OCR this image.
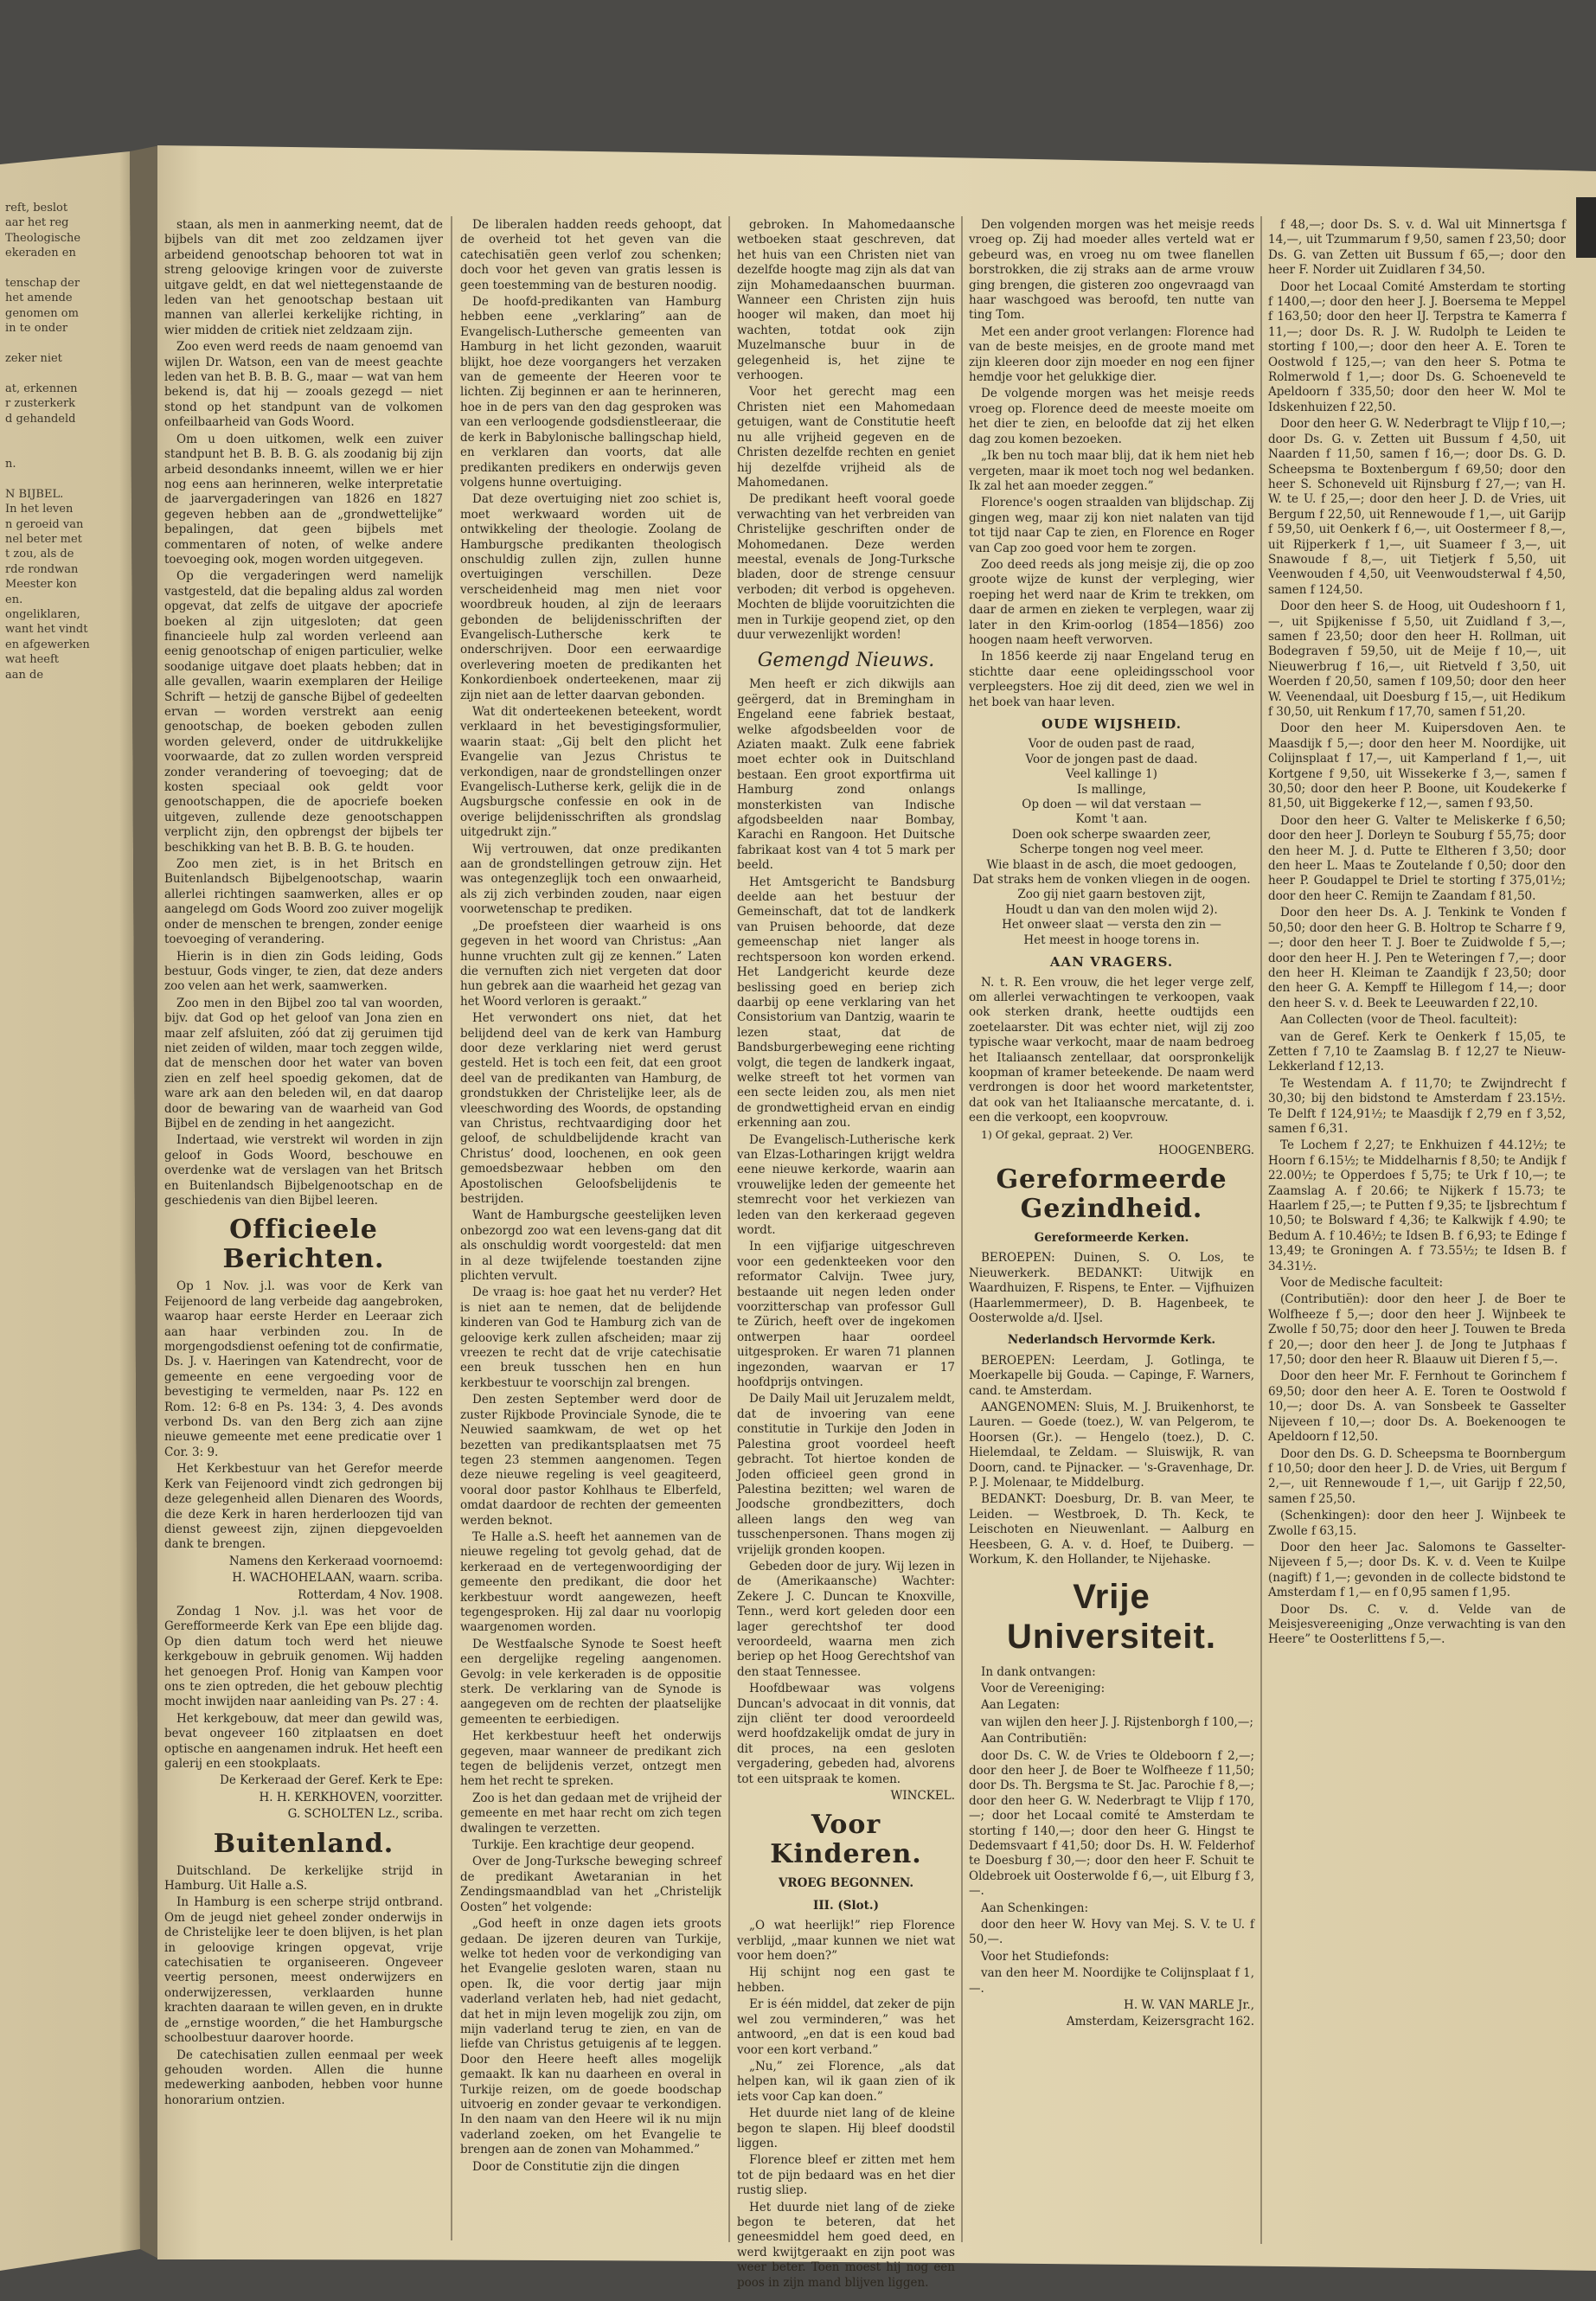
reft, beslot
aar het reg
Theologische
ekeraden en

tenschap der
het amende
genomen om
in te onder

zeker niet

at, erkennen
r zusterkerk
d gehandeld

n.

N BIJBEL.
In het leven
n geroeid van
nel beter met
t zou, als de
rde rondwan
Meester kon
en.
ongeliklaren,
want het vindt
en afgewerken
wat heeft
aan de

staan, als men in aanmerking neemt, dat de bijbels van dit met zoo zeldzamen ijver arbeidend genootschap behooren tot wat in streng geloovige kringen voor de zuiverste uitgave geldt, en dat wel niettegenstaande de leden van het genootschap bestaan uit mannen van allerlei kerkelijke richting, in wier midden de critiek niet zeldzaam zijn.

Zoo even werd reeds de naam genoemd van wijlen Dr. Watson, een van de meest geachte leden van het B. B. B. G., maar — wat van hem bekend is, dat hij — zooals gezegd — niet stond op het standpunt van de volkomen onfeilbaarheid van Gods Woord.

Om u doen uitkomen, welk een zuiver standpunt het B. B. B. G. als zoodanig bij zijn arbeid desondanks inneemt, willen we er hier nog eens aan herinneren, welke interpretatie de jaarvergaderingen van 1826 en 1827 gegeven hebben aan de „grondwettelijke” bepalingen, dat geen bijbels met commentaren of noten, of welke andere toevoeging ook, mogen worden uitgegeven.

Op die vergaderingen werd namelijk vastgesteld, dat die bepaling aldus zal worden opgevat, dat zelfs de uitgave der apocriefe boeken al zijn uitgesloten; dat geen financieele hulp zal worden verleend aan eenig genootschap of enigen particulier, welke soodanige uitgave doet plaats hebben; dat in alle gevallen, waarin exemplaren der Heilige Schrift — hetzij de gansche Bijbel of gedeelten ervan — worden verstrekt aan eenig genootschap, de boeken geboden zullen worden geleverd, onder de uitdrukkelijke voorwaarde, dat zo zullen worden verspreid zonder verandering of toevoeging; dat de kosten speciaal ook geldt voor genootschappen, die de apocriefe boeken uitgeven, zullende deze genootschappen verplicht zijn, den opbrengst der bijbels ter beschikking van het B. B. B. G. te houden.

Zoo men ziet, is in het Britsch en Buitenlandsch Bijbelgenootschap, waarin allerlei richtingen saamwerken, alles er op aangelegd om Gods Woord zoo zuiver mogelijk onder de menschen te brengen, zonder eenige toevoeging of verandering.

Hierin is in dien zin Gods leiding, Gods bestuur, Gods vinger, te zien, dat deze anders zoo velen aan het werk, saamwerken.

Zoo men in den Bijbel zoo tal van woorden, bijv. dat God op het geloof van Jona zien en maar zelf afsluiten, zóó dat zij geruimen tijd niet zeiden of wilden, maar toch zeggen wilde, dat de menschen door het water van boven zien en zelf heel spoedig gekomen, dat de ware ark aan den beleden wil, en dat daarop door de bewaring van de waarheid van God Bijbel en de zending in het aangezicht.

Indertaad, wie verstrekt wil worden in zijn geloof in Gods Woord, beschouwe en overdenke wat de verslagen van het Britsch en Buitenlandsch Bijbelgenootschap en de geschiedenis van dien Bijbel leeren.

Officieele Berichten.

Op 1 Nov. j.l. was voor de Kerk van Feijenoord de lang verbeide dag aangebroken, waarop haar eerste Herder en Leeraar zich aan haar verbinden zou. In de morgengodsdienst oefening tot de confirmatie, Ds. J. v. Haeringen van Katendrecht, voor de gemeente en eene vergoeding voor de bevestiging te vermelden, naar Ps. 122 en Rom. 12: 6-8 en Ps. 134: 3, 4. Des avonds verbond Ds. van den Berg zich aan zijne nieuwe gemeente met eene predicatie over 1 Cor. 3: 9.

Het Kerkbestuur van het Gerefor meerde Kerk van Feijenoord vindt zich gedrongen bij deze gelegenheid allen Dienaren des Woords, die deze Kerk in haren herderloozen tijd van dienst geweest zijn, zijnen diepgevoelden dank te brengen.

Namens den Kerkeraad voornoemd:

H. WACHOHELAAN, waarn. scriba.

Rotterdam, 4 Nov. 1908.

Zondag 1 Nov. j.l. was het voor de Gerefformeerde Kerk van Epe een blijde dag. Op dien datum toch werd het nieuwe kerkgebouw in gebruik genomen. Wij hadden het genoegen Prof. Honig van Kampen voor ons te zien optreden, die het gebouw plechtig mocht inwijden naar aanleiding van Ps. 27 : 4.

Het kerkgebouw, dat meer dan gewild was, bevat ongeveer 160 zitplaatsen en doet optische en aangenamen indruk. Het heeft een galerij en een stookplaats.

De Kerkeraad der Geref. Kerk te Epe:

H. H. KERKHOVEN, voorzitter.

G. SCHOLTEN Lz., scriba.

Buitenland.

Duitschland. De kerkelijke strijd in Hamburg. Uit Halle a.S.

In Hamburg is een scherpe strijd ontbrand. Om de jeugd niet geheel zonder onderwijs in de Christelijke leer te doen blijven, is het plan in geloovige kringen opgevat, vrije catechisatien te organiseeren. Ongeveer veertig personen, meest onderwijzers en onderwijzeressen, verklaarden hunne krachten daaraan te willen geven, en in drukte de „ernstige woorden,” die het Hamburgsche schoolbestuur daarover hoorde.

De catechisatien zullen eenmaal per week gehouden worden. Allen die hunne medewerking aanboden, hebben voor hunne honorarium ontzien.

De liberalen hadden reeds gehoopt, dat de overheid tot het geven van die catechisatiën geen verlof zou schenken; doch voor het geven van gratis lessen is geen toestemming van de besturen noodig.

De hoofd-predikanten van Hamburg hebben eene „verklaring” aan de Evangelisch-Luthersche gemeenten van Hamburg in het licht gezonden, waaruit blijkt, hoe deze voorgangers het verzaken van de gemeente der Heeren voor te lichten. Zij beginnen er aan te herinneren, hoe in de pers van den dag gesproken was van een verloogende godsdienstleeraar, die de kerk in Babylonische ballingschap hield, en verklaren dan voorts, dat alle predikanten predikers en onderwijs geven volgens hunne overtuiging.

Dat deze overtuiging niet zoo schiet is, moet werkwaard worden uit de ontwikkeling der theologie. Zoolang de Hamburgsche predikanten theologisch onschuldig zullen zijn, zullen hunne overtuigingen verschillen. Deze verscheidenheid mag men niet voor woordbreuk houden, al zijn de leeraars gebonden de belijdenisschriften der Evangelisch-Luthersche kerk te onderschrijven. Door een eerwaardige overlevering moeten de predikanten het Konkordienboek onderteekenen, maar zij zijn niet aan de letter daarvan gebonden.

Wat dit onderteekenen beteekent, wordt verklaard in het bevestigingsformulier, waarin staat: „Gij belt den plicht het Evangelie van Jezus Christus te verkondigen, naar de grondstellingen onzer Evangelisch-Lutherse kerk, gelijk die in de Augsburgsche confessie en ook in de overige belijdenisschriften als grondslag uitgedrukt zijn.”

Wij vertrouwen, dat onze predikanten aan de grondstellingen getrouw zijn. Het was ontegenzeglijk toch een onwaarheid, als zij zich verbinden zouden, naar eigen voorwetenschap te prediken.

„De proefsteen dier waarheid is ons gegeven in het woord van Christus: „Aan hunne vruchten zult gij ze kennen.” Laten die vernuften zich niet vergeten dat door hun gebrek aan die waarheid het gezag van het Woord verloren is geraakt.”

Het verwondert ons niet, dat het belijdend deel van de kerk van Hamburg door deze verklaring niet werd gerust gesteld. Het is toch een feit, dat een groot deel van de predikanten van Hamburg, de grondstukken der Christelijke leer, als de vleeschwording des Woords, de opstanding van Christus, rechtvaardiging door het geloof, de schuldbelijdende kracht van Christus’ dood, loochenen, en ook geen gemoedsbezwaar hebben om den Apostolischen Geloofsbelijdenis te bestrijden.

Want de Hamburgsche geestelijken leven onbezorgd zoo wat een levens-gang dat dit als onschuldig wordt voorgesteld: dat men in al deze twijfelende toestanden zijne plichten vervult.

De vraag is: hoe gaat het nu verder? Het is niet aan te nemen, dat de belijdende kinderen van God te Hamburg zich van de geloovige kerk zullen afscheiden; maar zij vreezen te recht dat de vrije catechisatie een breuk tusschen hen en hun kerkbestuur te voorschijn zal brengen.

Den zesten September werd door de zuster Rijkbode Provinciale Synode, die te Neuwied saamkwam, de wet op het bezetten van predikantsplaatsen met 75 tegen 23 stemmen aangenomen. Tegen deze nieuwe regeling is veel geagiteerd, vooral door pastor Kohlhaus te Elberfeld, omdat daardoor de rechten der gemeenten werden beknot.

Te Halle a.S. heeft het aannemen van de nieuwe regeling tot gevolg gehad, dat de kerkeraad en de vertegenwoordiging der gemeente den predikant, die door het kerkbestuur wordt aangewezen, heeft tegengesproken. Hij zal daar nu voorlopig waargenomen worden.

De Westfaalsche Synode te Soest heeft een dergelijke regeling aangenomen. Gevolg: in vele kerkeraden is de oppositie sterk. De verklaring van de Synode is aangegeven om de rechten der plaatselijke gemeenten te eerbiedigen.

Het kerkbestuur heeft het onderwijs gegeven, maar wanneer de predikant zich tegen de belijdenis verzet, ontzegt men hem het recht te spreken.

Zoo is het dan gedaan met de vrijheid der gemeente en met haar recht om zich tegen dwalingen te verzetten.

Turkije. Een krachtige deur geopend.

Over de Jong-Turksche beweging schreef de predikant Awetaranian in het Zendingsmaandblad van het „Christelijk Oosten” het volgende:

„God heeft in onze dagen iets groots gedaan. De ijzeren deuren van Turkije, welke tot heden voor de verkondiging van het Evangelie gesloten waren, staan nu open. Ik, die voor dertig jaar mijn vaderland verlaten heb, had niet gedacht, dat het in mijn leven mogelijk zou zijn, om mijn vaderland terug te zien, en van de liefde van Christus getuigenis af te leggen. Door den Heere heeft alles mogelijk gemaakt. Ik kan nu daarheen en overal in Turkije reizen, om de goede boodschap uitvoerig en zonder gevaar te verkondigen. In den naam van den Heere wil ik nu mijn vaderland zoeken, om het Evangelie te brengen aan de zonen van Mohammed.”

Door de Constitutie zijn die dingen

gebroken. In Mahomedaansche wetboeken staat geschreven, dat het huis van een Christen niet van dezelfde hoogte mag zijn als dat van zijn Mohamedaanschen buurman. Wanneer een Christen zijn huis hooger wil maken, dan moet hij wachten, totdat ook zijn Muzelmansche buur in de gelegenheid is, het zijne te verhoogen.

Voor het gerecht mag een Christen niet een Mahomedaan getuigen, want de Constitutie heeft nu alle vrijheid gegeven en de Christen dezelfde rechten en geniet hij dezelfde vrijheid als de Mahomedanen.

De predikant heeft vooral goede verwachting van het verbreiden van Christelijke geschriften onder de Mohomedanen. Deze werden meestal, evenals de Jong-Turksche bladen, door de strenge censuur verboden; dit verbod is opgeheven. Mochten de blijde vooruitzichten die men in Turkije geopend ziet, op den duur verwezenlijkt worden!

Gemengd Nieuws.

Men heeft er zich dikwijls aan geërgerd, dat in Bremingham in Engeland eene fabriek bestaat, welke afgodsbeelden voor de Aziaten maakt. Zulk eene fabriek moet echter ook in Duitschland bestaan. Een groot exportfirma uit Hamburg zond onlangs monsterkisten van Indische afgodsbeelden naar Bombay, Karachi en Rangoon. Het Duitsche fabrikaat kost van 4 tot 5 mark per beeld.

Het Amtsgericht te Bandsburg deelde aan het bestuur der Gemeinschaft, dat tot de landkerk van Pruisen behoorde, dat deze gemeenschap niet langer als rechtspersoon kon worden erkend. Het Landgericht keurde deze beslissing goed en beriep zich daarbij op eene verklaring van het Consistorium van Dantzig, waarin te lezen staat, dat de Bandsburgerbeweging eene richting volgt, die tegen de landkerk ingaat, welke streeft tot het vormen van een secte leiden zou, als men niet de grondwettigheid ervan en eindig erkenning aan zou.

De Evangelisch-Lutherische kerk van Elzas-Lotharingen krijgt weldra eene nieuwe kerkorde, waarin aan vrouwelijke leden der gemeente het stemrecht voor het verkiezen van leden van den kerkeraad gegeven wordt.

In een vijfjarige uitgeschreven voor een gedenkteeken voor den reformator Calvijn. Twee jury, bestaande uit negen leden onder voorzitterschap van professor Gull te Zürich, heeft over de ingekomen ontwerpen haar oordeel uitgesproken. Er waren 71 plannen ingezonden, waarvan er 17 hoofdprijs ontvingen.

De Daily Mail uit Jeruzalem meldt, dat de invoering van eene constitutie in Turkije den Joden in Palestina groot voordeel heeft gebracht. Tot hiertoe konden de Joden officieel geen grond in Palestina bezitten; wel waren de Joodsche grondbezitters, doch alleen langs den weg van tusschenpersonen. Thans mogen zij vrijelijk gronden koopen.

Gebeden door de jury. Wij lezen in de (Amerikaansche) Wachter: Zekere J. C. Duncan te Knoxville, Tenn., werd kort geleden door een lager gerechtshof ter dood veroordeeld, waarna men zich beriep op het Hoog Gerechtshof van den staat Tennessee.

Hoofdbewaar was volgens Duncan's advocaat in dit vonnis, dat zijn cliënt ter dood veroordeeld werd hoofdzakelijk omdat de jury in dit proces, na een gesloten vergadering, gebeden had, alvorens tot een uitspraak te komen.

WINCKEL.

Voor Kinderen.

VROEG BEGONNEN.

III. (Slot.)

„O wat heerlijk!” riep Florence verblijd, „maar kunnen we niet wat voor hem doen?”

Hij schijnt nog een gast te hebben.

Er is één middel, dat zeker de pijn wel zou verminderen,” was het antwoord, „en dat is een koud bad voor een kort verband.”

„Nu,” zei Florence, „als dat helpen kan, wil ik gaan zien of ik iets voor Cap kan doen.”

Het duurde niet lang of de kleine begon te slapen. Hij bleef doodstil liggen.

Florence bleef er zitten met hem tot de pijn bedaard was en het dier rustig sliep.

Het duurde niet lang of de zieke begon te beteren, dat het geneesmiddel hem goed deed, en werd kwijtgeraakt en zijn poot was weer beter. Toen moest hij nog een poos in zijn mand blijven liggen.

Den volgenden morgen was het meisje reeds vroeg op. Zij had moeder alles verteld wat er gebeurd was, en vroeg nu om twee flanellen borstrokken, die zij straks aan de arme vrouw ging brengen, die gisteren zoo ongevraagd van haar waschgoed was beroofd, ten nutte van ting Tom.

Met een ander groot verlangen: Florence had van de beste meisjes, en de groote mand met zijn kleeren door zijn moeder en nog een fijner hemdje voor het gelukkige dier.

De volgende morgen was het meisje reeds vroeg op. Florence deed de meeste moeite om het dier te zien, en beloofde dat zij het elken dag zou komen bezoeken.

„Ik ben nu toch maar blij, dat ik hem niet heb vergeten, maar ik moet toch nog wel bedanken. Ik zal het aan moeder zeggen.”

Florence's oogen straalden van blijdschap. Zij gingen weg, maar zij kon niet nalaten van tijd tot tijd naar Cap te zien, en Florence en Roger van Cap zoo goed voor hem te zorgen.

Zoo deed reeds als jong meisje zij, die op zoo groote wijze de kunst der verpleging, wier roeping het werd naar de Krim te trekken, om daar de armen en zieken te verplegen, waar zij later in den Krim-oorlog (1854—1856) zoo hoogen naam heeft verworven.

In 1856 keerde zij naar Engeland terug en stichtte daar eene opleidingsschool voor verpleegsters. Hoe zij dit deed, zien we wel in het boek van haar leven.

OUDE WIJSHEID.

Voor de ouden past de raad,

Voor de jongen past de daad.

Veel kallinge 1)

Is mallinge,

Op doen — wil dat verstaan —

Komt 't aan.

Doen ook scherpe swaarden zeer,

Scherpe tongen nog veel meer.

Wie blaast in de asch, die moet gedoogen,

Dat straks hem de vonken vliegen in de oogen.

Zoo gij niet gaarn bestoven zijt,

Houdt u dan van den molen wijd 2).

Het onweer slaat — versta den zin —

Het meest in hooge torens in.

AAN VRAGERS.

N. t. R. Een vrouw, die het leger verge zelf, om allerlei verwachtingen te verkoopen, vaak ook sterken drank, heette oudtijds een zoetelaarster. Dit was echter niet, wijl zij zoo typische waar verkocht, maar de naam bedroeg het Italiaansch zentellaar, dat oorspronkelijk koopman of kramer beteekende. De naam werd verdrongen is door het woord marketentster, dat ook van het Italiaansche mercatante, d. i. een die verkoopt, een koopvrouw.

1) Of gekal, gepraat. 2) Ver.

HOOGENBERG.

Gereformeerde Gezindheid.

Gereformeerde Kerken.

BEROEPEN: Duinen, S. O. Los, te Nieuwerkerk. BEDANKT: Uitwijk en Waardhuizen, F. Rispens, te Enter. — Vijfhuizen (Haarlemmermeer), D. B. Hagenbeek, te Oosterwolde a/d. IJsel.

Nederlandsch Hervormde Kerk.

BEROEPEN: Leerdam, J. Gotlinga, te Moerkapelle bij Gouda. — Capinge, F. Warners, cand. te Amsterdam.

AANGENOMEN: Sluis, M. J. Bruikenhorst, te Lauren. — Goede (toez.), W. van Pelgerom, te Hoorsen (Gr.). — Hengelo (toez.), D. C. Hielemdaal, te Zeldam. — Sluiswijk, R. van Doorn, cand. te Pijnacker. — 's-Gravenhage, Dr. P. J. Molenaar, te Middelburg.

BEDANKT: Doesburg, Dr. B. van Meer, te Leiden. — Westbroek, D. Th. Keck, te Leischoten en Nieuwenlant. — Aalburg en Heesbeen, G. A. v. d. Hoef, te Duiberg. — Workum, K. den Hollander, te Nijehaske.

Vrije Universiteit.

In dank ontvangen:

Voor de Vereeniging:

Aan Legaten:

van wijlen den heer J. J. Rijstenborgh f 100,—;

Aan Contributiën:

door Ds. C. W. de Vries te Oldeboorn f 2,—; door den heer J. de Boer te Wolfheeze f 11,50; door Ds. Th. Bergsma te St. Jac. Parochie f 8,—; door den heer G. W. Nederbragt te Vlijp f 170,—; door het Locaal comité te Amsterdam te storting f 140,—; door den heer G. Hingst te Dedemsvaart f 41,50; door Ds. H. W. Felderhof te Doesburg f 30,—; door den heer F. Schuit te Oldebroek uit Oosterwolde f 6,—, uit Elburg f 3,—.

Aan Schenkingen:

door den heer W. Hovy van Mej. S. V. te U. f 50,—.

Voor het Studiefonds:

van den heer M. Noordijke te Colijnsplaat f 1,—.

H. W. VAN MARLE Jr.,

Amsterdam, Keizersgracht 162.

f 48,—; door Ds. S. v. d. Wal uit Minnertsga f 14,—, uit Tzummarum f 9,50, samen f 23,50; door Ds. G. van Zetten uit Bussum f 65,—; door den heer F. Norder uit Zuidlaren f 34,50.

Door het Locaal Comité Amsterdam te storting f 1400,—; door den heer J. J. Boersema te Meppel f 163,50; door den heer IJ. Terpstra te Kamerra f 11,—; door Ds. R. J. W. Rudolph te Leiden te storting f 100,—; door den heer A. E. Toren te Oostwold f 125,—; van den heer S. Potma te Rolmerwold f 1,—; door Ds. G. Schoeneveld te Apeldoorn f 335,50; door den heer W. Mol te Idskenhuizen f 22,50.

Door den heer G. W. Nederbragt te Vlijp f 10,—; door Ds. G. v. Zetten uit Bussum f 4,50, uit Naarden f 11,50, samen f 16,—; door Ds. G. D. Scheepsma te Boxtenbergum f 69,50; door den heer S. Schoneveld uit Rijnsburg f 27,—; van H. W. te U. f 25,—; door den heer J. D. de Vries, uit Bergum f 22,50, uit Rennewoude f 1,—, uit Garijp f 59,50, uit Oenkerk f 6,—, uit Oostermeer f 8,—, uit Rijperkerk f 1,—, uit Suameer f 3,—, uit Snawoude f 8,—, uit Tietjerk f 5,50, uit Veenwouden f 4,50, uit Veenwoudsterwal f 4,50, samen f 124,50.

Door den heer S. de Hoog, uit Oudeshoorn f 1,—, uit Spijkenisse f 5,50, uit Zuidland f 3,—, samen f 23,50; door den heer H. Rollman, uit Bodegraven f 59,50, uit de Meije f 10,—, uit Nieuwerbrug f 16,—, uit Rietveld f 3,50, uit Woerden f 20,50, samen f 109,50; door den heer W. Veenendaal, uit Doesburg f 15,—, uit Hedikum f 30,50, uit Renkum f 17,70, samen f 51,20.

Door den heer M. Kuipersdoven Aen. te Maasdijk f 5,—; door den heer M. Noordijke, uit Colijnsplaat f 17,—, uit Kamperland f 1,—, uit Kortgene f 9,50, uit Wissekerke f 3,—, samen f 30,50; door den heer P. Boone, uit Koudekerke f 81,50, uit Biggekerke f 12,—, samen f 93,50.

Door den heer G. Valter te Meliskerke f 6,50; door den heer J. Dorleyn te Souburg f 55,75; door den heer M. J. d. Putte te Eltheren f 3,50; door den heer L. Maas te Zoutelande f 0,50; door den heer P. Goudappel te Driel te storting f 375,01½; door den heer C. Remijn te Zaandam f 81,50.

Door den heer Ds. A. J. Tenkink te Vonden f 50,50; door den heer G. B. Holtrop te Scharre f 9,—; door den heer T. J. Boer te Zuidwolde f 5,—; door den heer H. J. Pen te Weteringen f 7,—; door den heer H. Kleiman te Zaandijk f 23,50; door den heer G. A. Kempff te Hillegom f 14,—; door den heer S. v. d. Beek te Leeuwarden f 22,10.

Aan Collecten (voor de Theol. faculteit):

van de Geref. Kerk te Oenkerk f 15,05, te Zetten f 7,10 te Zaamslag B. f 12,27 te Nieuw-Lekkerland f 12,13.

Te Westendam A. f 11,70; te Zwijndrecht f 30,30; bij den bidstond te Amsterdam f 23.15½. Te Delft f 124,91½; te Maasdijk f 2,79 en f 3,52, samen f 6,31.

Te Lochem f 2,27; te Enkhuizen f 44.12½; te Hoorn f 6.15½; te Middelharnis f 8,50; te Andijk f 22.00½; te Opperdoes f 5,75; te Urk f 10,—; te Zaamslag A. f 20.66; te Nijkerk f 15.73; te Haarlem f 25,—; te Putten f 9,35; te Ijsbrechtum f 10,50; te Bolsward f 4,36; te Kalkwijk f 4.90; te Bedum A. f 10.46½; te Idsen B. f 6,93; te Edinge f 13,49; te Groningen A. f 73.55½; te Idsen B. f 34.31½.

Voor de Medische faculteit:

(Contributiën): door den heer J. de Boer te Wolfheeze f 5,—; door den heer J. Wijnbeek te Zwolle f 50,75; door den heer J. Touwen te Breda f 20,—; door den heer J. de Jong te Jutphaas f 17,50; door den heer R. Blaauw uit Dieren f 5,—.

Door den heer Mr. F. Fernhout te Gorinchem f 69,50; door den heer A. E. Toren te Oostwold f 10,—; door Ds. A. van Sonsbeek te Gasselter Nijeveen f 10,—; door Ds. A. Boekenoogen te Apeldoorn f 12,50.

Door den Ds. G. D. Scheepsma te Boornbergum f 10,50; door den heer J. D. de Vries, uit Bergum f 2,—, uit Rennewoude f 1,—, uit Garijp f 22,50, samen f 25,50.

(Schenkingen): door den heer J. Wijnbeek te Zwolle f 63,15.

Door den heer Jac. Salomons te Gasselter-Nijeveen f 5,—; door Ds. K. v. d. Veen te Kuilpe (nagift) f 1,—; gevonden in de collecte bidstond te Amsterdam f 1,— en f 0,95 samen f 1,95.

Door Ds. C. v. d. Velde van de Meisjesvereeniging „Onze verwachting is van den Heere” te Oosterlittens f 5,—.
